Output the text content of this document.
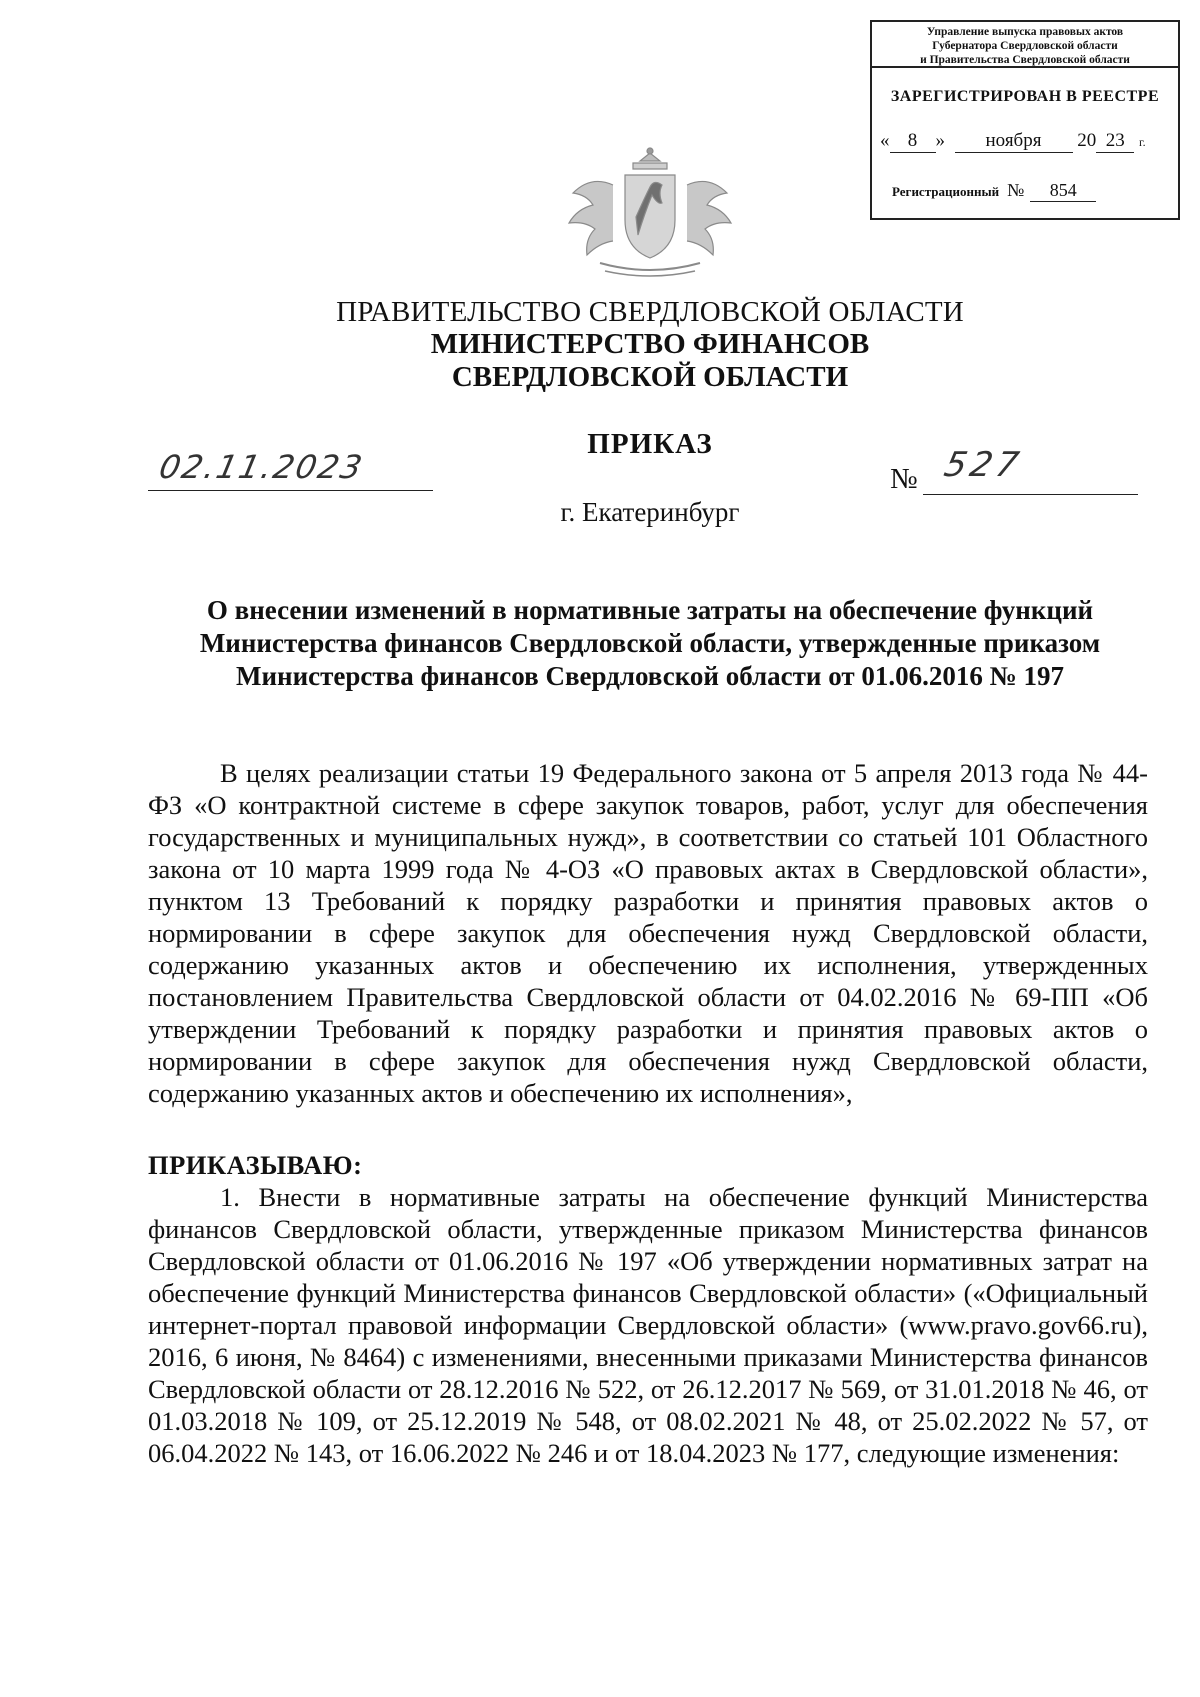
Управление выпуска правовых актов
Губернатора Свердловской области
и Правительства Свердловской области
ЗАРЕГИСТРИРОВАН В РЕЕСТРЕ
« 8 » ноября 20 23 г.
Регистрационный № 854
ПРАВИТЕЛЬСТВО СВЕРДЛОВСКОЙ ОБЛАСТИ
МИНИСТЕРСТВО ФИНАНСОВ
СВЕРДЛОВСКОЙ ОБЛАСТИ
ПРИКАЗ
02.11.2023	№ 527
г. Екатеринбург
О внесении изменений в нормативные затраты на обеспечение функций
Министерства финансов Свердловской области, утвержденные приказом
Министерства финансов Свердловской области от 01.06.2016 № 197
В целях реализации статьи 19 Федерального закона от 5 апреля 2013 года № 44-ФЗ «О контрактной системе в сфере закупок товаров, работ, услуг для обеспечения государственных и муниципальных нужд», в соответствии со статьей 101 Областного закона от 10 марта 1999 года № 4-ОЗ «О правовых актах в Свердловской области», пунктом 13 Требований к порядку разработки и принятия правовых актов о нормировании в сфере закупок для обеспечения нужд Свердловской области, содержанию указанных актов и обеспечению их исполнения, утвержденных постановлением Правительства Свердловской области от 04.02.2016 № 69-ПП «Об утверждении Требований к порядку разработки и принятия правовых актов о нормировании в сфере закупок для обеспечения нужд Свердловской области, содержанию указанных актов и обеспечению их исполнения»,
ПРИКАЗЫВАЮ:
1. Внести в нормативные затраты на обеспечение функций Министерства финансов Свердловской области, утвержденные приказом Министерства финансов Свердловской области от 01.06.2016 № 197 «Об утверждении нормативных затрат на обеспечение функций Министерства финансов Свердловской области» («Официальный интернет-портал правовой информации Свердловской области» (www.pravo.gov66.ru), 2016, 6 июня, № 8464) с изменениями, внесенными приказами Министерства финансов Свердловской области от 28.12.2016 № 522, от 26.12.2017 № 569, от 31.01.2018 № 46, от 01.03.2018 № 109, от 25.12.2019 № 548, от 08.02.2021 № 48, от 25.02.2022 № 57, от 06.04.2022 № 143, от 16.06.2022 № 246 и от 18.04.2023 № 177, следующие изменения:
